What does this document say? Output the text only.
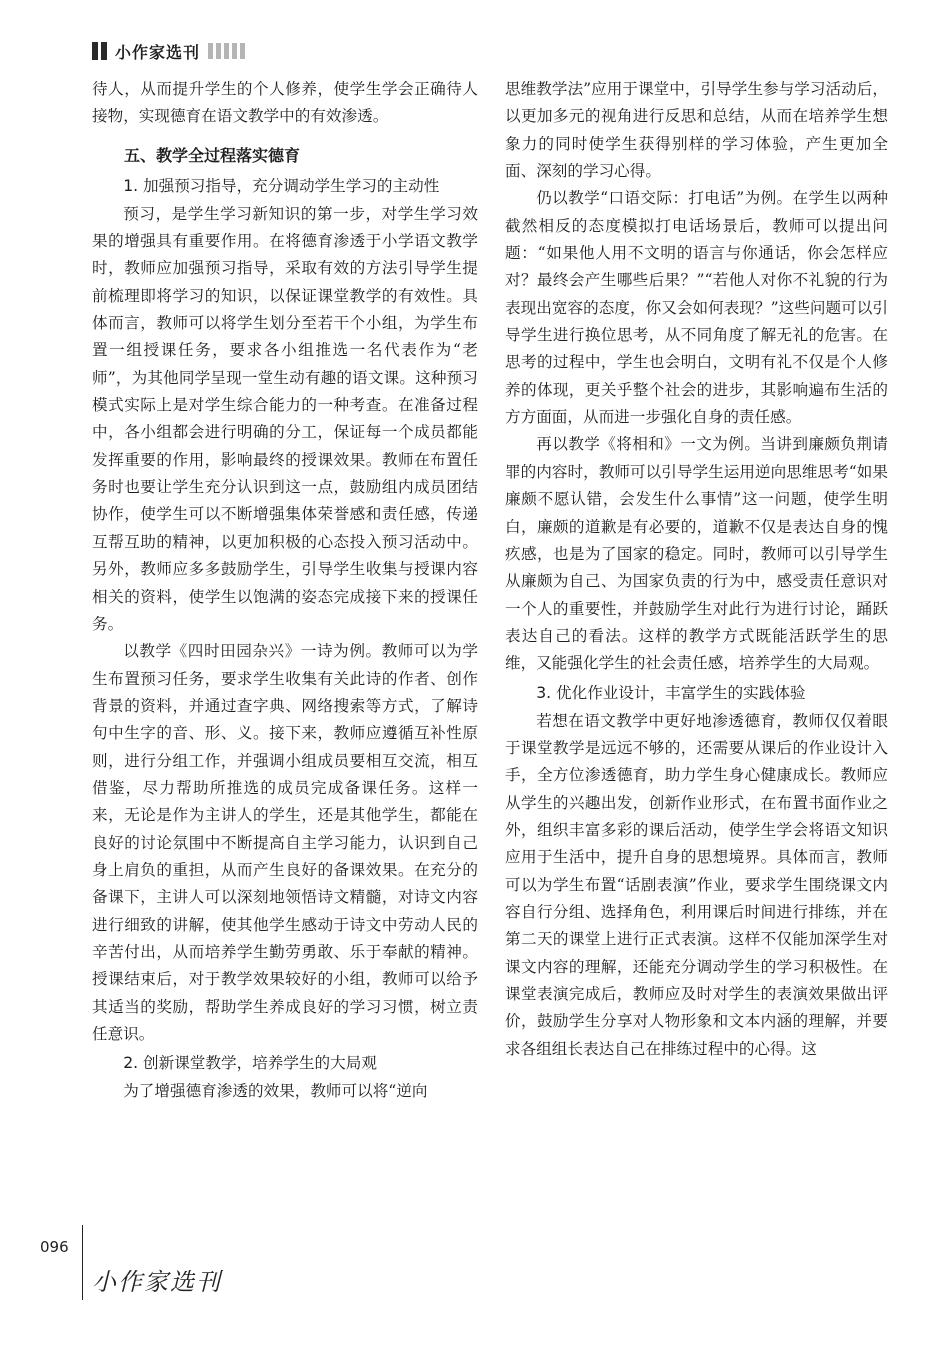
小作家选刊

待人，从而提升学生的个人修养，使学生学会正确待人接物，实现德育在语文教学中的有效渗透。

五、教学全过程落实德育
1. 加强预习指导，充分调动学生学习的主动性

预习，是学生学习新知识的第一步，对学生学习效果的增强具有重要作用。在将德育渗透于小学语文教学时，教师应加强预习指导，采取有效的方法引导学生提前梳理即将学习的知识，以保证课堂教学的有效性。具体而言，教师可以将学生划分至若干个小组，为学生布置一组授课任务，要求各小组推选一名代表作为“老师”，为其他同学呈现一堂生动有趣的语文课。这种预习模式实际上是对学生综合能力的一种考查。在准备过程中，各小组都会进行明确的分工，保证每一个成员都能发挥重要的作用，影响最终的授课效果。教师在布置任务时也要让学生充分认识到这一点，鼓励组内成员团结协作，使学生可以不断增强集体荣誉感和责任感，传递互帮互助的精神，以更加积极的心态投入预习活动中。另外，教师应多多鼓励学生，引导学生收集与授课内容相关的资料，使学生以饱满的姿态完成接下来的授课任务。

以教学《四时田园杂兴》一诗为例。教师可以为学生布置预习任务，要求学生收集有关此诗的作者、创作背景的资料，并通过查字典、网络搜索等方式，了解诗句中生字的音、形、义。接下来，教师应遵循互补性原则，进行分组工作，并强调小组成员要相互交流，相互借鉴，尽力帮助所推选的成员完成备课任务。这样一来，无论是作为主讲人的学生，还是其他学生，都能在良好的讨论氛围中不断提高自主学习能力，认识到自己身上肩负的重担，从而产生良好的备课效果。在充分的备课下，主讲人可以深刻地领悟诗文精髓，对诗文内容进行细致的讲解，使其他学生感动于诗文中劳动人民的辛苦付出，从而培养学生勤劳勇敢、乐于奉献的精神。授课结束后，对于教学效果较好的小组，教师可以给予其适当的奖励，帮助学生养成良好的学习习惯，树立责任意识。

2. 创新课堂教学，培养学生的大局观

为了增强德育渗透的效果，教师可以将“逆向

思维教学法”应用于课堂中，引导学生参与学习活动后，以更加多元的视角进行反思和总结，从而在培养学生想象力的同时使学生获得别样的学习体验，产生更加全面、深刻的学习心得。

仍以教学“口语交际：打电话”为例。在学生以两种截然相反的态度模拟打电话场景后，教师可以提出问题：“如果他人用不文明的语言与你通话，你会怎样应对？最终会产生哪些后果？”“若他人对你不礼貌的行为表现出宽容的态度，你又会如何表现？”这些问题可以引导学生进行换位思考，从不同角度了解无礼的危害。在思考的过程中，学生也会明白，文明有礼不仅是个人修养的体现，更关乎整个社会的进步，其影响遍布生活的方方面面，从而进一步强化自身的责任感。

再以教学《将相和》一文为例。当讲到廉颇负荆请罪的内容时，教师可以引导学生运用逆向思维思考“如果廉颇不愿认错，会发生什么事情”这一问题，使学生明白，廉颇的道歉是有必要的，道歉不仅是表达自身的愧疚感，也是为了国家的稳定。同时，教师可以引导学生从廉颇为自己、为国家负责的行为中，感受责任意识对一个人的重要性，并鼓励学生对此行为进行讨论，踊跃表达自己的看法。这样的教学方式既能活跃学生的思维，又能强化学生的社会责任感，培养学生的大局观。

3. 优化作业设计，丰富学生的实践体验

若想在语文教学中更好地渗透德育，教师仅仅着眼于课堂教学是远远不够的，还需要从课后的作业设计入手，全方位渗透德育，助力学生身心健康成长。教师应从学生的兴趣出发，创新作业形式，在布置书面作业之外，组织丰富多彩的课后活动，使学生学会将语文知识应用于生活中，提升自身的思想境界。具体而言，教师可以为学生布置“话剧表演”作业，要求学生围绕课文内容自行分组、选择角色，利用课后时间进行排练，并在第二天的课堂上进行正式表演。这样不仅能加深学生对课文内容的理解，还能充分调动学生的学习积极性。在课堂表演完成后，教师应及时对学生的表演效果做出评价，鼓励学生分享对人物形象和文本内涵的理解，并要求各组组长表达自己在排练过程中的心得。这

096
小作家选刊
